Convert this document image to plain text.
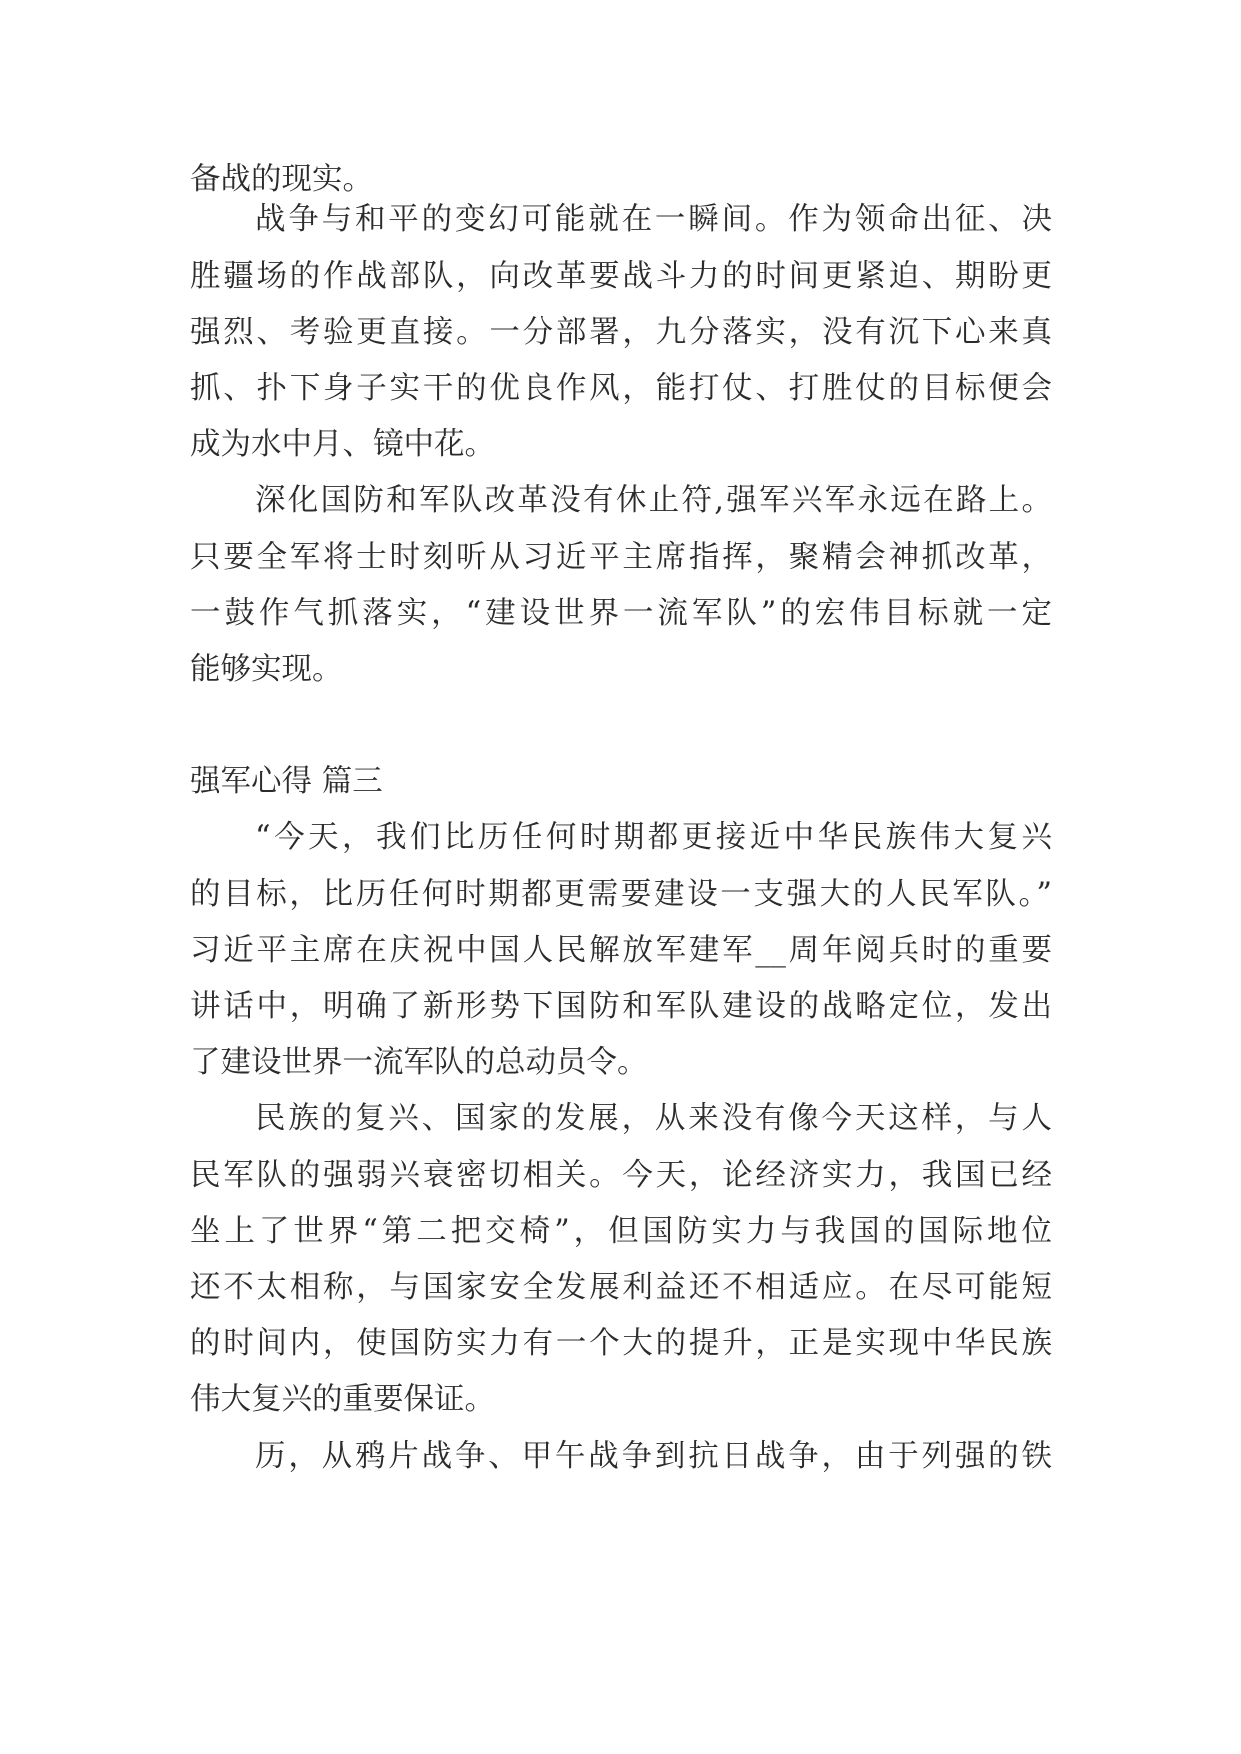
备战的现实。
战争与和平的变幻可能就在一瞬间。作为领命出征、决
胜疆场的作战部队，向改革要战斗力的时间更紧迫、期盼更
强烈、考验更直接。一分部署，九分落实，没有沉下心来真
抓、扑下身子实干的优良作风，能打仗、打胜仗的目标便会
成为水中月、镜中花。
深化国防和军队改革没有休止符,强军兴军永远在路上。
只要全军将士时刻听从习近平主席指挥，聚精会神抓改革，
一鼓作气抓落实，“建设世界一流军队”的宏伟目标就一定
能够实现。
强军心得 篇三
“今天，我们比历任何时期都更接近中华民族伟大复兴
的目标，比历任何时期都更需要建设一支强大的人民军队。”
习近平主席在庆祝中国人民解放军建军__周年阅兵时的重要
讲话中，明确了新形势下国防和军队建设的战略定位，发出
了建设世界一流军队的总动员令。
民族的复兴、国家的发展，从来没有像今天这样，与人
民军队的强弱兴衰密切相关。今天，论经济实力，我国已经
坐上了世界“第二把交椅”，但国防实力与我国的国际地位
还不太相称，与国家安全发展利益还不相适应。在尽可能短
的时间内，使国防实力有一个大的提升，正是实现中华民族
伟大复兴的重要保证。
历，从鸦片战争、甲午战争到抗日战争，由于列强的铁
